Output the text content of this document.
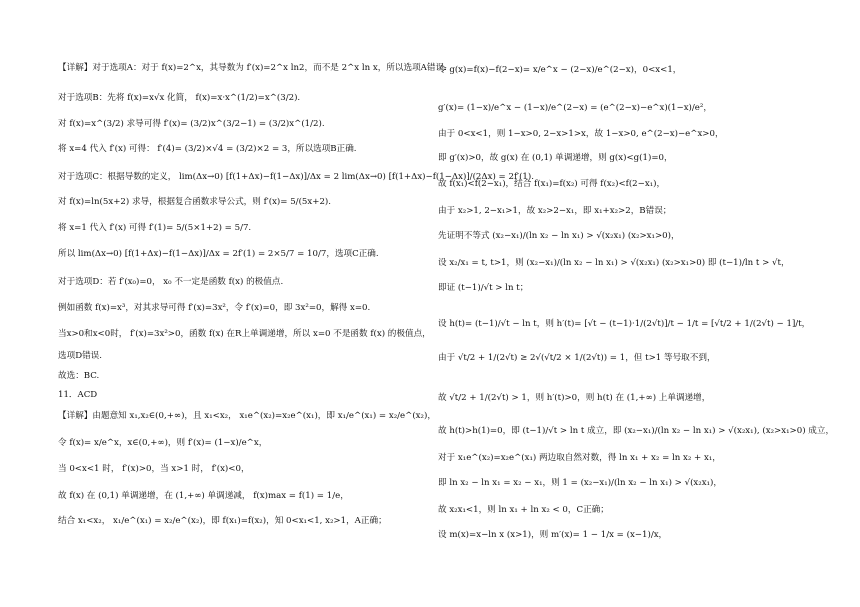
【详解】对于选项A：对于 f(x)=2^x，其导数为 f′(x)=2^x ln2，而不是 2^x ln x，所以选项A错误.
对于选项B：先将 f(x)=x√x 化简， f(x)=x·x^(1/2)=x^(3/2).
对 f(x)=x^(3/2) 求导可得 f′(x)= (3/2)x^(3/2−1) = (3/2)x^(1/2).
将 x=4 代入 f′(x) 可得： f′(4)= (3/2)×√4 = (3/2)×2 = 3，所以选项B正确.
对于选项C：根据导数的定义， lim(Δx→0) [f(1+Δx)−f(1−Δx)]/Δx = 2 lim(Δx→0) [f(1+Δx)−f(1−Δx)]/(2Δx) = 2f′(1).
对 f(x)=ln(5x+2) 求导，根据复合函数求导公式，则 f′(x)= 5/(5x+2).
将 x=1 代入 f′(x) 可得 f′(1)= 5/(5×1+2) = 5/7.
所以 lim(Δx→0) [f(1+Δx)−f(1−Δx)]/Δx = 2f′(1) = 2×5/7 = 10/7，选项C正确.
对于选项D：若 f′(x₀)=0， x₀ 不一定是函数 f(x) 的极值点.
例如函数 f(x)=x³，对其求导可得 f′(x)=3x²，令 f′(x)=0，即 3x²=0，解得 x=0.
当x>0和x<0时， f′(x)=3x²>0，函数 f(x) 在R上单调递增，所以 x=0 不是函数 f(x) 的极值点，
选项D错误.
故选：BC.
11．ACD
【详解】由题意知 x₁,x₂∈(0,+∞)，且 x₁<x₂， x₁e^(x₂)=x₂e^(x₁)，即 x₁/e^(x₁) = x₂/e^(x₂)，
令 f(x)= x/e^x，x∈(0,+∞)，则 f′(x)= (1−x)/e^x，
当 0<x<1 时， f′(x)>0，当 x>1 时， f′(x)<0，
故 f(x) 在 (0,1) 单调递增，在 (1,+∞) 单调递减， f(x)max = f(1) = 1/e，
结合 x₁<x₂， x₁/e^(x₁) = x₂/e^(x₂)，即 f(x₁)=f(x₂)，知 0<x₁<1, x₂>1，A正确；
令 g(x)=f(x)−f(2−x)= x/e^x − (2−x)/e^(2−x)，0<x<1，
g′(x)= (1−x)/e^x − (1−x)/e^(2−x) = (e^(2−x)−e^x)(1−x)/e²，
由于 0<x<1，则 1−x>0, 2−x>1>x，故 1−x>0, e^(2−x)−e^x>0，
即 g′(x)>0，故 g(x) 在 (0,1) 单调递增，则 g(x)<g(1)=0，
故 f(x₁)<f(2−x₁)，结合 f(x₁)=f(x₂) 可得 f(x₂)<f(2−x₁)，
由于 x₂>1, 2−x₁>1，故 x₂>2−x₁，即 x₁+x₂>2，B错误；
先证明不等式 (x₂−x₁)/(ln x₂ − ln x₁) > √(x₂x₁) (x₂>x₁>0)，
设 x₂/x₁ = t, t>1，则 (x₂−x₁)/(ln x₂ − ln x₁) > √(x₂x₁) (x₂>x₁>0) 即 (t−1)/ln t > √t，
即证 (t−1)/√t > ln t；
设 h(t)= (t−1)/√t − ln t，则 h′(t)= [√t − (t−1)·1/(2√t)]/t − 1/t = [√t/2 + 1/(2√t) − 1]/t，
由于 √t/2 + 1/(2√t) ≥ 2√(√t/2 × 1/(2√t)) = 1，但 t>1 等号取不到，
故 √t/2 + 1/(2√t) > 1，则 h′(t)>0，则 h(t) 在 (1,+∞) 上单调递增，
故 h(t)>h(1)=0，即 (t−1)/√t > ln t 成立，即 (x₂−x₁)/(ln x₂ − ln x₁) > √(x₂x₁), (x₂>x₁>0) 成立，
对于 x₁e^(x₂)=x₂e^(x₁) 两边取自然对数，得 ln x₁ + x₂ = ln x₂ + x₁，
即 ln x₂ − ln x₁ = x₂ − x₁，则 1 = (x₂−x₁)/(ln x₂ − ln x₁) > √(x₂x₁)，
故 x₂x₁<1，则 ln x₁ + ln x₂ < 0，C正确；
设 m(x)=x−ln x (x>1)，则 m′(x)= 1 − 1/x = (x−1)/x，
